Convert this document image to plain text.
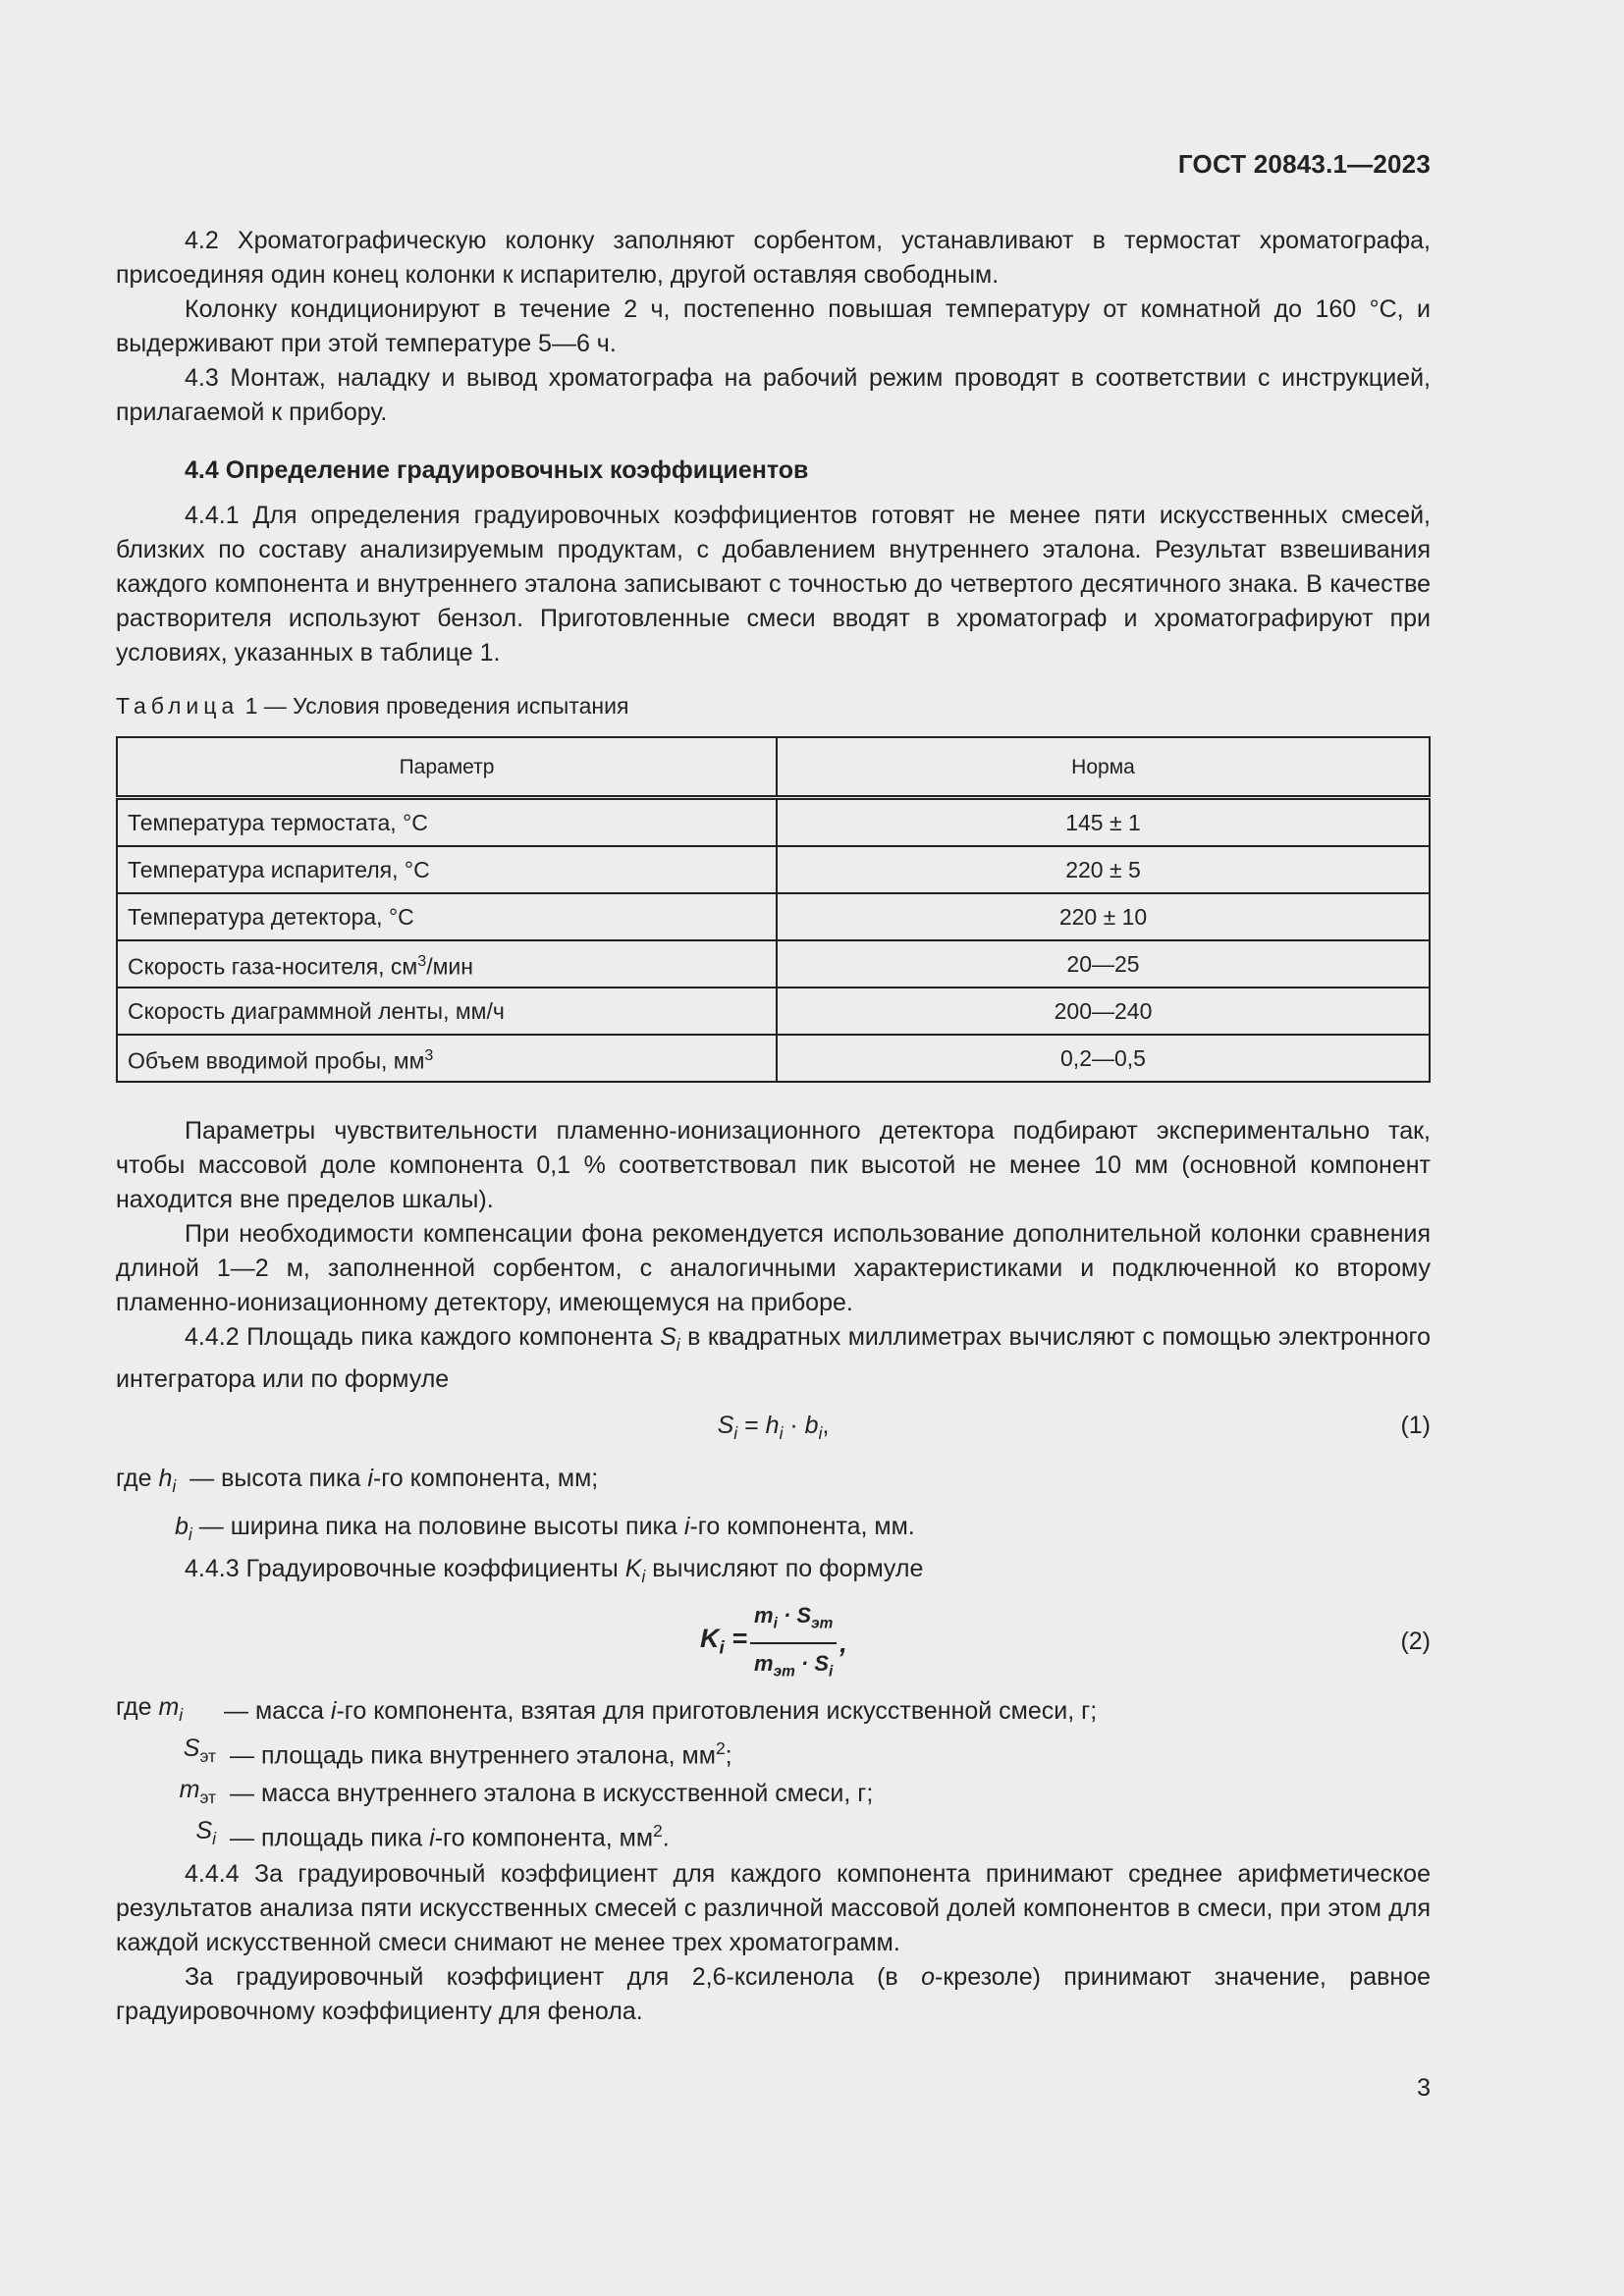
ГОСТ 20843.1—2023

4.2 Хроматографическую колонку заполняют сорбентом, устанавливают в термостат хроматографа, присоединяя один конец колонки к испарителю, другой оставляя свободным.

Колонку кондиционируют в течение 2 ч, постепенно повышая температуру от комнатной до 160 °С, и выдерживают при этой температуре 5—6 ч.

4.3 Монтаж, наладку и вывод хроматографа на рабочий режим проводят в соответствии с инструкцией, прилагаемой к прибору.

4.4 Определение градуировочных коэффициентов

4.4.1 Для определения градуировочных коэффициентов готовят не менее пяти искусственных смесей, близких по составу анализируемым продуктам, с добавлением внутреннего эталона. Результат взвешивания каждого компонента и внутреннего эталона записывают с точностью до четвертого десятичного знака. В качестве растворителя используют бензол. Приготовленные смеси вводят в хроматограф и хроматографируют при условиях, указанных в таблице 1.

Таблица 1 — Условия проведения испытания
Параметр	Норма
Температура термостата, °С	145 ± 1
Температура испарителя, °С	220 ± 5
Температура детектора, °С	220 ± 10
Скорость газа-носителя, $см^3$/мин	20—25
Скорость диаграммной ленты, мм/ч	200—240
Объем вводимой пробы, $мм^3$	0,2—0,5

Параметры чувствительности пламенно-ионизационного детектора подбирают экспериментально так, чтобы массовой доле компонента 0,1 % соответствовал пик высотой не менее 10 мм (основной компонент находится вне пределов шкалы).

При необходимости компенсации фона рекомендуется использование дополнительной колонки сравнения длиной 1—2 м, заполненной сорбентом, с аналогичными характеристиками и подключенной ко второму пламенно-ионизационному детектору, имеющемуся на приборе.

4.4.2 Площадь пика каждого компонента $S_i$ в квадратных миллиметрах вычисляют с помощью электронного интегратора или по формуле

$S_i = h_i \cdot b_i$,	(1)

где $h_i$ — высота пика i-го компонента, мм;

$b_i$ — ширина пика на половине высоты пика i-го компонента, мм.

4.4.3 Градуировочные коэффициенты $K_i$ вычисляют по формуле

$K_i = \frac{m_i \cdot S_{эт}}{m_{эт} \cdot S_i}$ ,	(2)
где $m_i$	— масса i-го компонента, взятая для приготовления искусственной смеси, г;
$S_{эт}$ — площадь пика внутреннего эталона, $мм^2$;
$m_{эт}$ — масса внутреннего эталона в искусственной смеси, г;
$S_i$ — площадь пика i-го компонента, $мм^2$.

4.4.4 За градуировочный коэффициент для каждого компонента принимают среднее арифметическое результатов анализа пяти искусственных смесей с различной массовой долей компонентов в смеси, при этом для каждой искусственной смеси снимают не менее трех хроматограмм.

За градуировочный коэффициент для 2,6-ксиленола (в о-крезоле) принимают значение, равное градуировочному коэффициенту для фенола.

3
